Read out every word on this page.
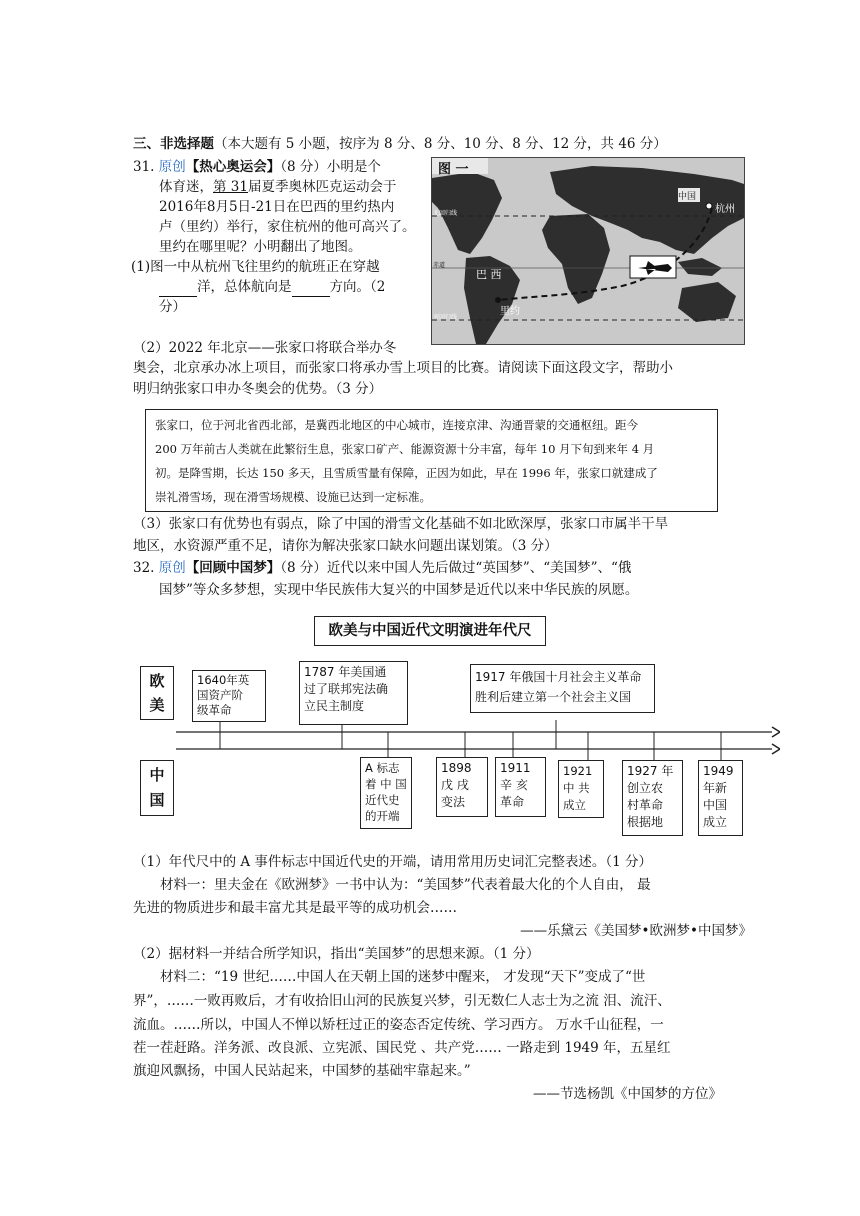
三、非选择题（本大题有 5 小题，按序为 8 分、8 分、10 分、8 分、12 分，共 46 分）
31. 原创【热心奥运会】（8 分）小明是个
体育迷，第 31届夏季奥林匹克运动会于
2016年8月5日-21日在巴西的里约热内
卢（里约）举行，家住杭州的他可高兴了。
里约在哪里呢？小明翻出了地图。
(1)图一中从杭州飞往里约的航班正在穿越
洋，总体航向是	方向。（2
分）
图 一
中国
杭州
巴 西
里约
北回归线
赤道
南回归线
（2）2022 年北京——张家口将联合举办冬
奥会，北京承办冰上项目，而张家口将承办雪上项目的比赛。请阅读下面这段文字，帮助小
明归纳张家口申办冬奥会的优势。（3 分）
张家口，位于河北省西北部，是冀西北地区的中心城市，连接京津、沟通晋蒙的交通枢纽。距今
200 万年前古人类就在此繁衍生息，张家口矿产、能源资源十分丰富，每年 10 月下旬到来年 4 月
初。是降雪期，长达 150 多天，且雪质雪量有保障，正因为如此，早在 1996 年，张家口就建成了
崇礼滑雪场，现在滑雪场规模、设施已达到一定标准。
（3）张家口有优势也有弱点，除了中国的滑雪文化基础不如北欧深厚，张家口市属半干旱
地区，水资源严重不足，请你为解决张家口缺水问题出谋划策。（3 分）
32. 原创【回顾中国梦】（8 分）近代以来中国人先后做过“英国梦”、“美国梦”、“俄
国梦”等众多梦想，实现中华民族伟大复兴的中国梦是近代以来中华民族的夙愿。
欧美与中国近代文明演进年代尺
欧
美
中
国
1640年英
国资产阶
级革命
1787 年美国通
过了联邦宪法确
立民主制度
1917 年俄国十月社会主义革命
胜利后建立第一个社会主义国
A 标志
着 中 国
近代史
的开端
1898
戊 戌
变法
1911
辛 亥
革命
1921
中 共
成立
1927 年
创立农
村革命
根据地
1949
年新
中国
成立
（1）年代尺中的 A 事件标志中国近代史的开端，请用常用历史词汇完整表述。（1 分）
材料一：里夫金在《欧洲梦》一书中认为：“美国梦”代表着最大化的个人自由， 最
先进的物质进步和最丰富尤其是最平等的成功机会……
——乐黛云《美国梦•欧洲梦•中国梦》
（2）据材料一并结合所学知识，指出“美国梦”的思想来源。（1 分）
材料二：“19 世纪……中国人在天朝上国的迷梦中醒来， 才发现“天下”变成了“世
界”，……一败再败后，才有收拾旧山河的民族复兴梦，引无数仁人志士为之流 泪、流汗、
流血。……所以，中国人不惮以矫枉过正的姿态否定传统、学习西方。 万水千山征程，一
茬一茬赶路。洋务派、改良派、立宪派、国民党 、共产党…… 一路走到 1949 年，五星红
旗迎风飘扬，中国人民站起来，中国梦的基础牢靠起来。”
——节选杨凯《中国梦的方位》
